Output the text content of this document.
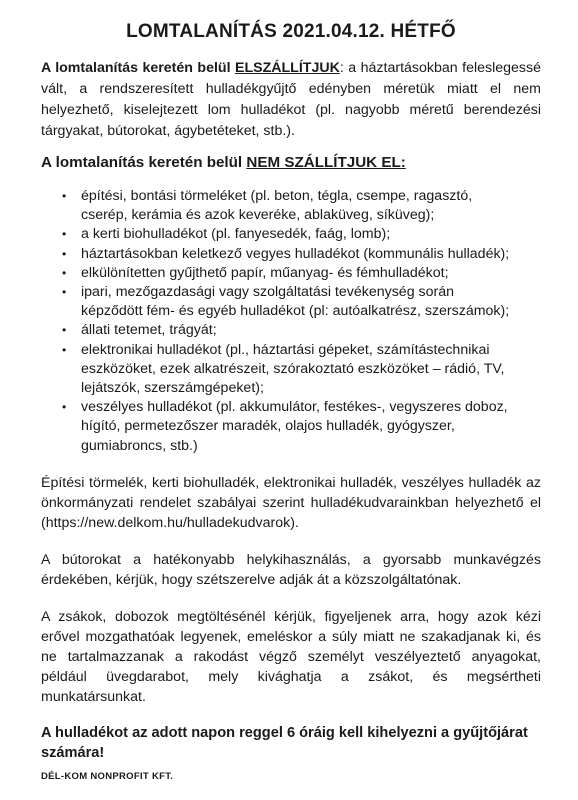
LOMTALANÍTÁS 2021.04.12. HÉTFŐ

A lomtalanítás keretén belül ELSZÁLLÍTJUK: a háztartásokban feleslegessé vált, a rendszeresített hulladékgyűjtő edényben méretük miatt el nem helyezhető, kiselejtezett lom hulladékot (pl. nagyobb méretű berendezési tárgyakat, bútorokat, ágybetéteket, stb.).

A lomtalanítás keretén belül NEM SZÁLLÍTJUK EL:

• építési, bontási törmeléket (pl. beton, tégla, csempe, ragasztó, cserép, kerámia és azok keveréke, ablaküveg, síküveg);
• a kerti biohulladékot (pl. fanyesedék, faág, lomb);
• háztartásokban keletkező vegyes hulladékot (kommunális hulladék);
• elkülönítetten gyűjthető papír, műanyag- és fémhulladékot;
• ipari, mezőgazdasági vagy szolgáltatási tevékenység során képződött fém- és egyéb hulladékot (pl: autóalkatrész, szerszámok);
• állati tetemet, trágyát;
• elektronikai hulladékot (pl., háztartási gépeket, számítástechnikai eszközöket, ezek alkatrészeit, szórakoztató eszközöket – rádió, TV, lejátszók, szerszámgépeket);
• veszélyes hulladékot (pl. akkumulátor, festékes-, vegyszeres doboz, hígító, permetezőszer maradék, olajos hulladék, gyógyszer, gumiabroncs, stb.)

Építési törmelék, kerti biohulladék, elektronikai hulladék, veszélyes hulladék az önkormányzati rendelet szabályai szerint hulladékudvarainkban helyezhető el

(https://new.delkom.hu/hulladekudvarok).

A bútorokat a hatékonyabb helykihasználás, a gyorsabb munkavégzés érdekében, kérjük, hogy szétszerelve adják át a közszolgáltatónak.

A zsákok, dobozok megtöltésénél kérjük, figyeljenek arra, hogy azok kézi erővel mozgathatóak legyenek, emeléskor a súly miatt ne szakadjanak ki, és ne tartalmazzanak a rakodást végző személyt veszélyeztető anyagokat, például üvegdarabot, mely kivághatja a zsákot, és megsértheti munkatársunkat.

A hulladékot az adott napon reggel 6 óráig kell kihelyezni a gyűjtőjárat számára!

DÉL-KOM NONPROFIT KFT.
